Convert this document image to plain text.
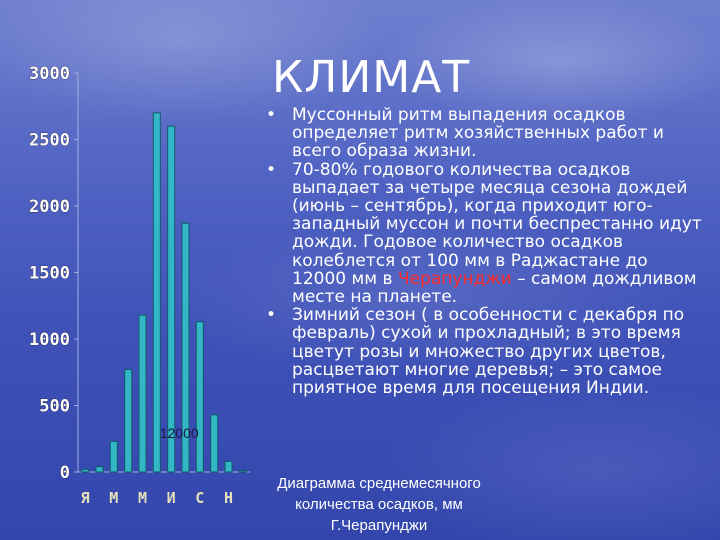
0
500
1000
1500
2000
2500
3000
Я М М И С Н
12000
КЛИМАТ
• Муссонный ритм выпадения осадков определяет ритм хозяйственных работ и всего образа жизни.
• 70-80% годового количества осадков выпадает за четыре месяца сезона дождей (июнь – сентябрь), когда приходит юго-западный муссон и почти беспрестанно идут дожди. Годовое количество осадков колеблется от 100 мм в Раджастане до 12000 мм в Черапунджи – самом дождливом месте на планете.
• Зимний сезон ( в особенности с декабря по февраль) сухой и прохладный; в это время цветут розы и множество других цветов, расцветают многие деревья; – это самое приятное время для посещения Индии.
Диаграмма среднемесячного
количества осадков, мм
Г.Черапунджи
